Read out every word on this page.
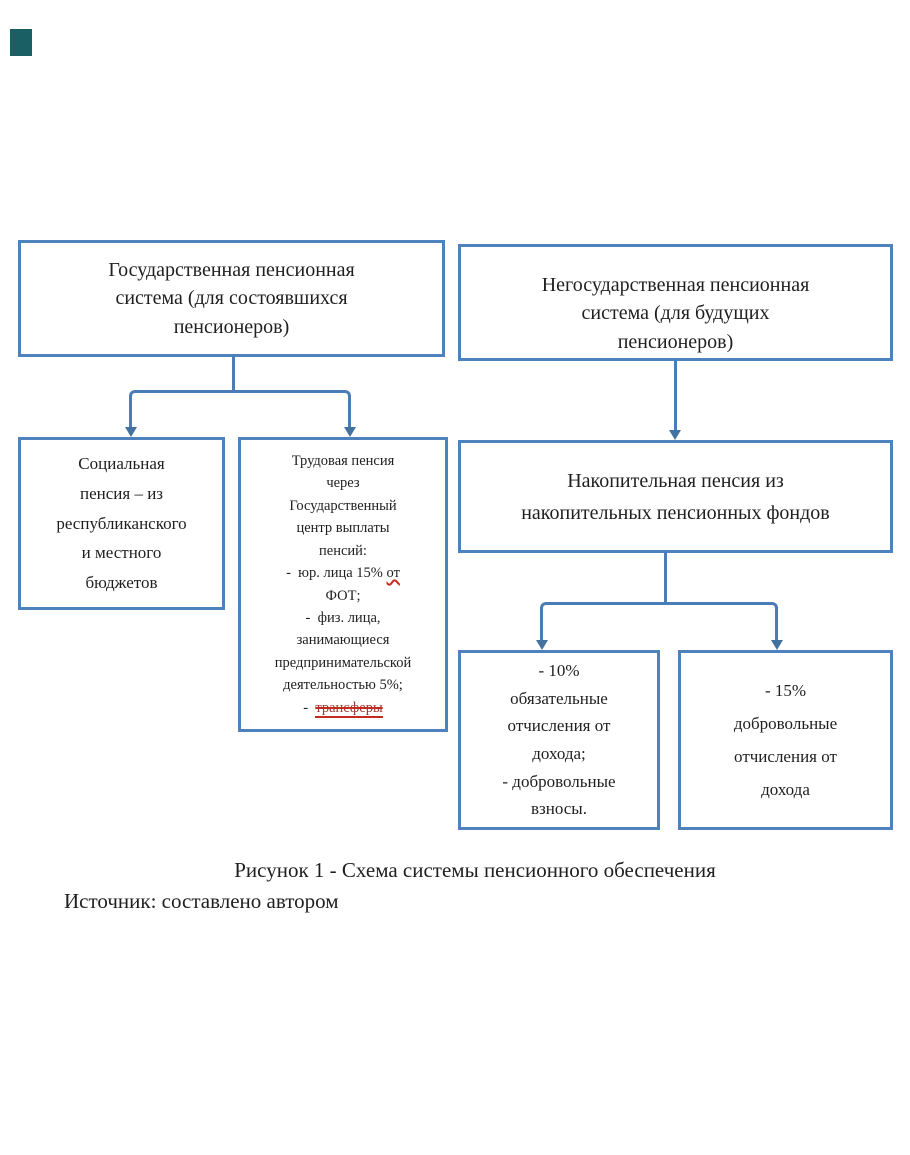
Государственная пенсионная
система (для состоявшихся
пенсионеров)
Негосударственная пенсионная
система (для будущих
пенсионеров)
Социальная
пенсия – из
республиканского
и местного
бюджетов
Трудовая пенсия
через
Государственный
центр выплаты
пенсий:
- юр. лица 15% от
ФОТ;
- физ. лица,
занимающиеся
предпринимательской
деятельностью 5%;
- трансферы
Накопительная пенсия из
накопительных пенсионных фондов
- 10%
обязательные
отчисления от
дохода;
- добровольные
взносы.
- 15%
добровольные
отчисления от
дохода
Рисунок 1 - Схема системы пенсионного обеспечения
Источник: составлено автором
